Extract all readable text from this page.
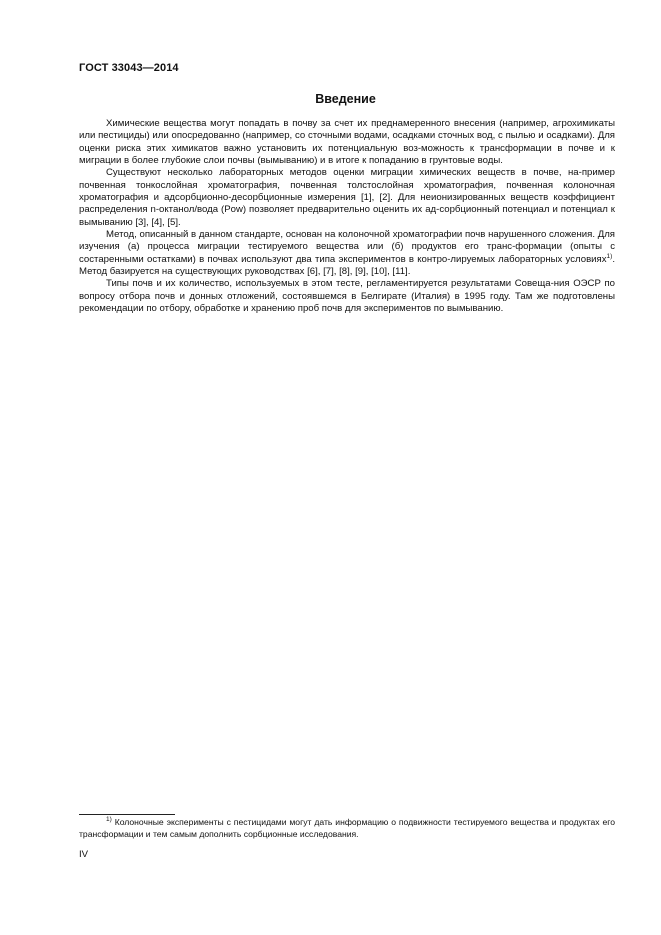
ГОСТ 33043—2014
Введение

Химические вещества могут попадать в почву за счет их преднамеренного внесения (например, агрохимикаты или пестициды) или опосредованно (например, со сточными водами, осадками сточных вод, с пылью и осадками). Для оценки риска этих химикатов важно установить их потенциальную воз-можность к трансформации в почве и к миграции в более глубокие слои почвы (вымыванию) и в итоге к попаданию в грунтовые воды.

Существуют несколько лабораторных методов оценки миграции химических веществ в почве, на-пример почвенная тонкослойная хроматография, почвенная толстослойная хроматография, почвенная колоночная хроматография и адсорбционно-десорбционные измерения [1], [2]. Для неионизированных веществ коэффициент распределения n-октанол/вода (Pow) позволяет предварительно оценить их ад-сорбционный потенциал и потенциал к вымыванию [3], [4], [5].

Метод, описанный в данном стандарте, основан на колоночной хроматографии почв нарушенного сложения. Для изучения (а) процесса миграции тестируемого вещества или (б) продуктов его транс-формации (опыты с состаренными остатками) в почвах используют два типа экспериментов в контро-лируемых лабораторных условиях$^{1)}$. Метод базируется на существующих руководствах [6], [7], [8], [9], [10], [11].

Типы почв и их количество, используемых в этом тесте, регламентируется результатами Совеща-ния ОЭСР по вопросу отбора почв и донных отложений, состоявшемся в Белгирате (Италия) в 1995 году. Там же подготовлены рекомендации по отбору, обработке и хранению проб почв для экспериментов по вымыванию.

$^{1)}$ Колоночные эксперименты с пестицидами могут дать информацию о подвижности тестируемого вещества и продуктах его трансформации и тем самым дополнить сорбционные исследования.
IV
